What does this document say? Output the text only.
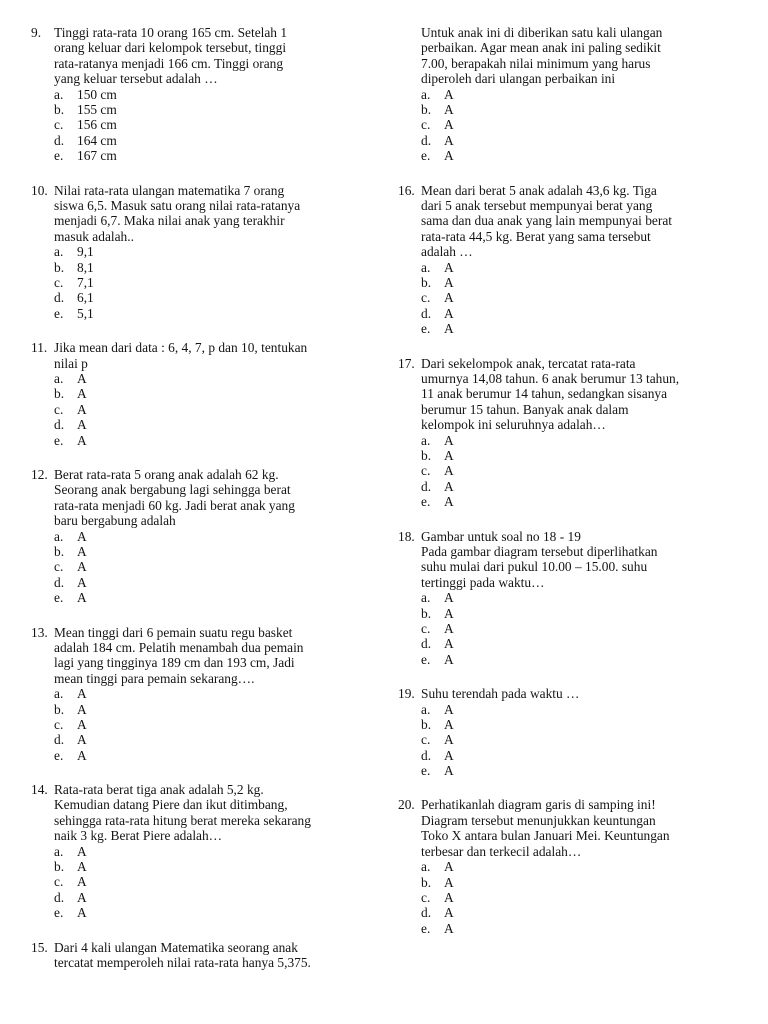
9. Tinggi rata-rata 10 orang 165 cm. Setelah 1
orang keluar dari kelompok tersebut, tinggi
rata-ratanya menjadi 166 cm. Tinggi orang
yang keluar tersebut adalah …
a.	150 cm
b. 155 cm
c.	156 cm
d. 164 cm
e.	167 cm
10. Nilai rata-rata ulangan matematika 7 orang
siswa 6,5. Masuk satu orang nilai rata-ratanya
menjadi 6,7. Maka nilai anak yang terakhir
masuk adalah..
a.	9,1
b. 8,1
c.	7,1
d. 6,1
e.	5,1
11. Jika mean dari data : 6, 4, 7, p dan 10, tentukan
nilai p
a.	A
b. A
c.	A
d. A
e.	A
12. Berat rata-rata 5 orang anak adalah 62 kg.
Seorang anak bergabung lagi sehingga berat
rata-rata menjadi 60 kg. Jadi berat anak yang
baru bergabung adalah
a.	A
b. A
c.	A
d. A
e.	A
13. Mean tinggi dari 6 pemain suatu regu basket
adalah 184 cm. Pelatih menambah dua pemain
lagi yang tingginya 189 cm dan 193 cm, Jadi
mean tinggi para pemain sekarang….
a.	A
b. A
c.	A
d. A
e.	A
14. Rata-rata berat tiga anak adalah 5,2 kg.
Kemudian datang Piere dan ikut ditimbang,
sehingga rata-rata hitung berat mereka sekarang
naik 3 kg. Berat Piere adalah…
a.	A
b. A
c.	A
d. A
e.	A
15. Dari 4 kali ulangan Matematika seorang anak
tercatat memperoleh nilai rata-rata hanya 5,375.
Untuk anak ini di diberikan satu kali ulangan
perbaikan. Agar mean anak ini paling sedikit
7.00, berapakah nilai minimum yang harus
diperoleh dari ulangan perbaikan ini
a.	A
b. A
c.	A
d. A
e.	A
16. Mean dari berat 5 anak adalah 43,6 kg. Tiga
dari 5 anak tersebut mempunyai berat yang
sama dan dua anak yang lain mempunyai berat
rata-rata 44,5 kg. Berat yang sama tersebut
adalah …
a.	A
b. A
c.	A
d. A
e.	A
17. Dari sekelompok anak, tercatat rata-rata
umurnya 14,08 tahun. 6 anak berumur 13 tahun,
11 anak berumur 14 tahun, sedangkan sisanya
berumur 15 tahun. Banyak anak dalam
kelompok ini seluruhnya adalah…
a.	A
b. A
c.	A
d. A
e.	A
18. Gambar untuk soal no 18 - 19
Pada gambar diagram tersebut diperlihatkan
suhu mulai dari pukul 10.00 – 15.00. suhu
tertinggi pada waktu…
a.	A
b. A
c.	A
d. A
e.	A
19. Suhu terendah pada waktu …
a.	A
b. A
c.	A
d. A
e.	A
20. Perhatikanlah diagram garis di samping ini!
Diagram tersebut menunjukkan keuntungan
Toko X antara bulan Januari Mei. Keuntungan
terbesar dan terkecil adalah…
a.	A
b. A
c.	A
d. A
e.	A
